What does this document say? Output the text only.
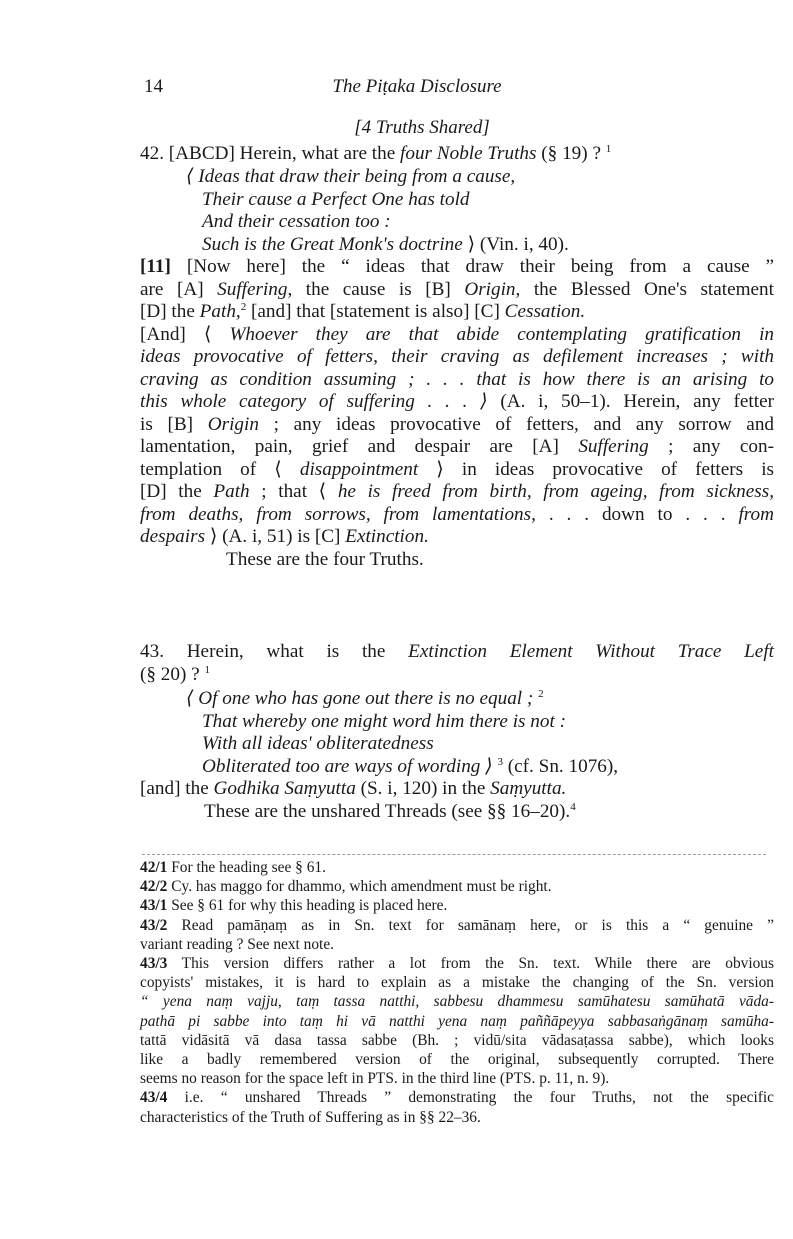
14	The Piṭaka Disclosure
[4 Truths Shared]
42. [ABCD] Herein, what are the four Noble Truths (§ 19) ? $^1$
⟨ Ideas that draw their being from a cause,
Their cause a Perfect One has told
And their cessation too :
Such is the Great Monk's doctrine ⟩ (Vin. i, 40).
[11] [Now here] the “ ideas that draw their being from a cause ”
are [A] Suffering, the cause is [B] Origin, the Blessed One's statement
[D] the Path,$^2$ [and] that [statement is also] [C] Cessation.
[And] ⟨ Whoever they are that abide contemplating gratification in
ideas provocative of fetters, their craving as defilement increases ; with
craving as condition assuming ; . . . that is how there is an arising to
this whole category of suffering . . . ⟩ (A. i, 50–1). Herein, any fetter
is [B] Origin ; any ideas provocative of fetters, and any sorrow and
lamentation, pain, grief and despair are [A] Suffering ; any con-
templation of ⟨ disappointment ⟩ in ideas provocative of fetters is
[D] the Path ; that ⟨ he is freed from birth, from ageing, from sickness,
from deaths, from sorrows, from lamentations, . . . down to . . . from
despairs ⟩ (A. i, 51) is [C] Extinction.
These are the four Truths.
43. Herein, what is the Extinction Element Without Trace Left
(§ 20) ? $^1$
⟨ Of one who has gone out there is no equal ; $^2$
That whereby one might word him there is not :
With all ideas' obliteratedness
Obliterated too are ways of wording ⟩ $^3$ (cf. Sn. 1076),
[and] the Godhika Saṃyutta (S. i, 120) in the Saṃyutta.
These are the unshared Threads (see §§ 16–20).$^4$
42/1 For the heading see § 61.
42/2 Cy. has maggo for dhammo, which amendment must be right.
43/1 See § 61 for why this heading is placed here.
43/2 Read pamāṇaṃ as in Sn. text for samānaṃ here, or is this a “ genuine ”
variant reading ? See next note.
43/3 This version differs rather a lot from the Sn. text. While there are obvious
copyists' mistakes, it is hard to explain as a mistake the changing of the Sn. version
“ yena naṃ vajju, taṃ tassa natthi, sabbesu dhammesu samūhatesu samūhatā vāda-
pathā pi sabbe into taṃ hi vā natthi yena naṃ paññāpeyya sabbasaṅgānaṃ samūha-
tattā vidāsitā vā dasa tassa sabbe (Bh. ; vidū/sita vādasaṭassa sabbe), which looks
like a badly remembered version of the original, subsequently corrupted. There
seems no reason for the space left in PTS. in the third line (PTS. p. 11, n. 9).
43/4 i.e. “ unshared Threads ” demonstrating the four Truths, not the specific
characteristics of the Truth of Suffering as in §§ 22–36.
